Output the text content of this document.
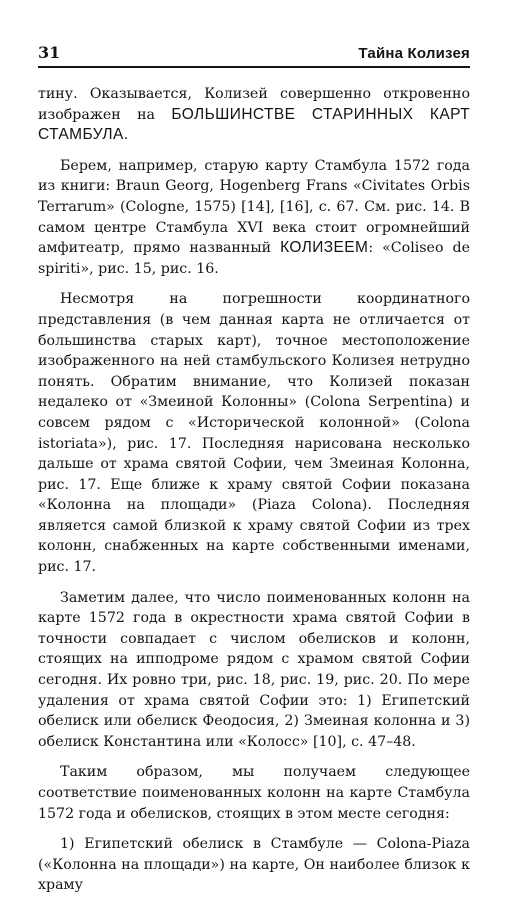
31	Тайна Колизея

тину. Оказывается, Колизей совершенно откровенно изображен на БОЛЬШИНСТВЕ СТАРИННЫХ КАРТ СТАМБУЛА.

Берем, например, старую карту Стамбула 1572 года из книги: Braun Georg, Hogenberg Frans «Civitates Orbis Terrarum» (Cologne, 1575) [14], [16], с. 67. См. рис. 14. В самом центре Стамбула XVI века стоит огромнейший амфитеатр, прямо названный КОЛИЗЕЕМ: «Coliseo de spiriti», рис. 15, рис. 16.

Несмотря на погрешности координатного представления (в чем данная карта не отличается от большинства старых карт), точное местоположение изображенного на ней стамбульского Колизея нетрудно понять. Обратим внимание, что Колизей показан недалеко от «Змеиной Колонны» (Colona Serpentina) и совсем рядом с «Исторической колонной» (Colona istoriata»), рис. 17. Последняя нарисована несколько дальше от храма святой Софии, чем Змеиная Колонна, рис. 17. Еще ближе к храму святой Софии показана «Колонна на площади» (Piaza Colona). Последняя является самой близкой к храму святой Софии из трех колонн, снабженных на карте собственными именами, рис. 17.

Заметим далее, что число поименованных колонн на карте 1572 года в окрестности храма святой Софии в точности совпадает с числом обелисков и колонн, стоящих на ипподроме рядом с храмом святой Софии сегодня. Их ровно три, рис. 18, рис. 19, рис. 20. По мере удаления от храма святой Софии это: 1) Египетский обелиск или обелиск Феодосия, 2) Змеиная колонна и 3) обелиск Константина или «Колосс» [10], с. 47–48.

Таким образом, мы получаем следующее соответствие поименованных колонн на карте Стамбула 1572 года и обелисков, стоящих в этом месте сегодня:

1) Египетский обелиск в Стамбуле — Colona-Piaza («Колонна на площади») на карте, Он наиболее близок к храму
